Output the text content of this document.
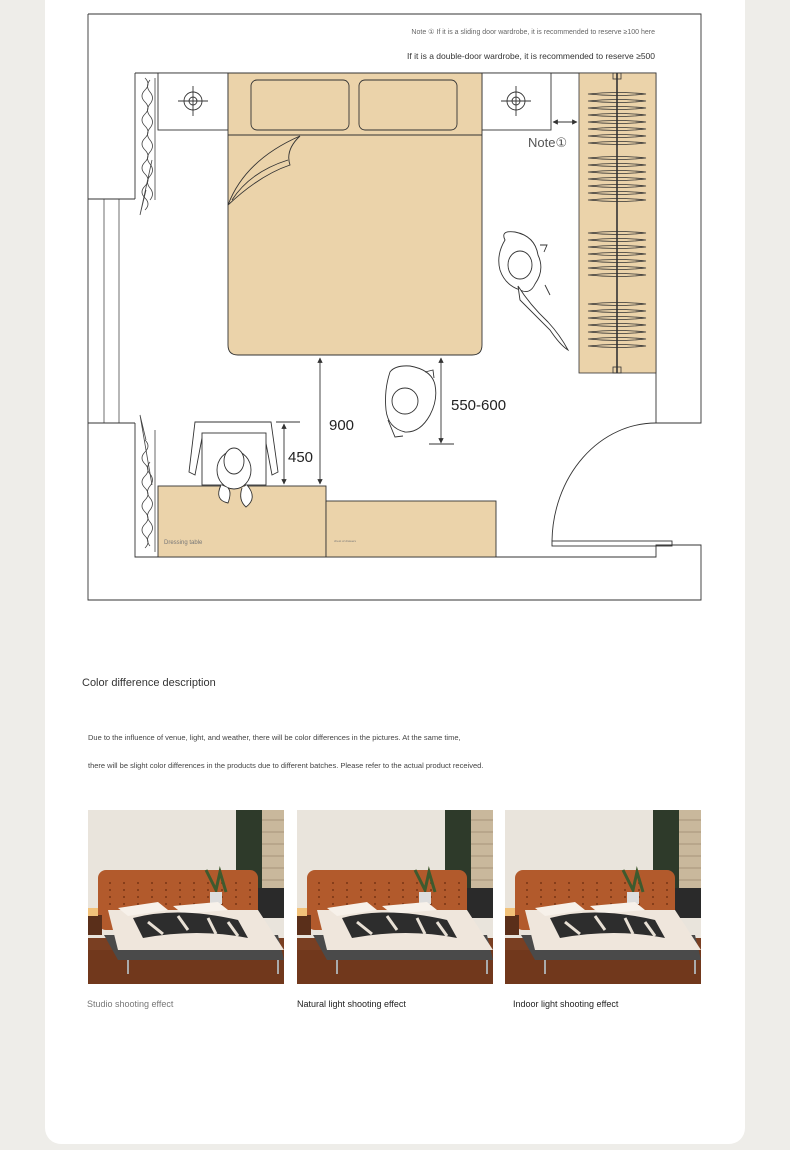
Note ① If it is a sliding door wardrobe, it is recommended to reserve ≥100 here
If it is a double-door wardrobe, it is recommended to reserve ≥500
Note①
900
450
550-600
Dressing table	chest of drawers
Color difference description

Due to the influence of venue, light, and weather, there will be color differences in the pictures. At the same time,

there will be slight color differences in the products due to different batches. Please refer to the actual product received.

Studio shooting effect	Natural light shooting effect	Indoor light shooting effect
